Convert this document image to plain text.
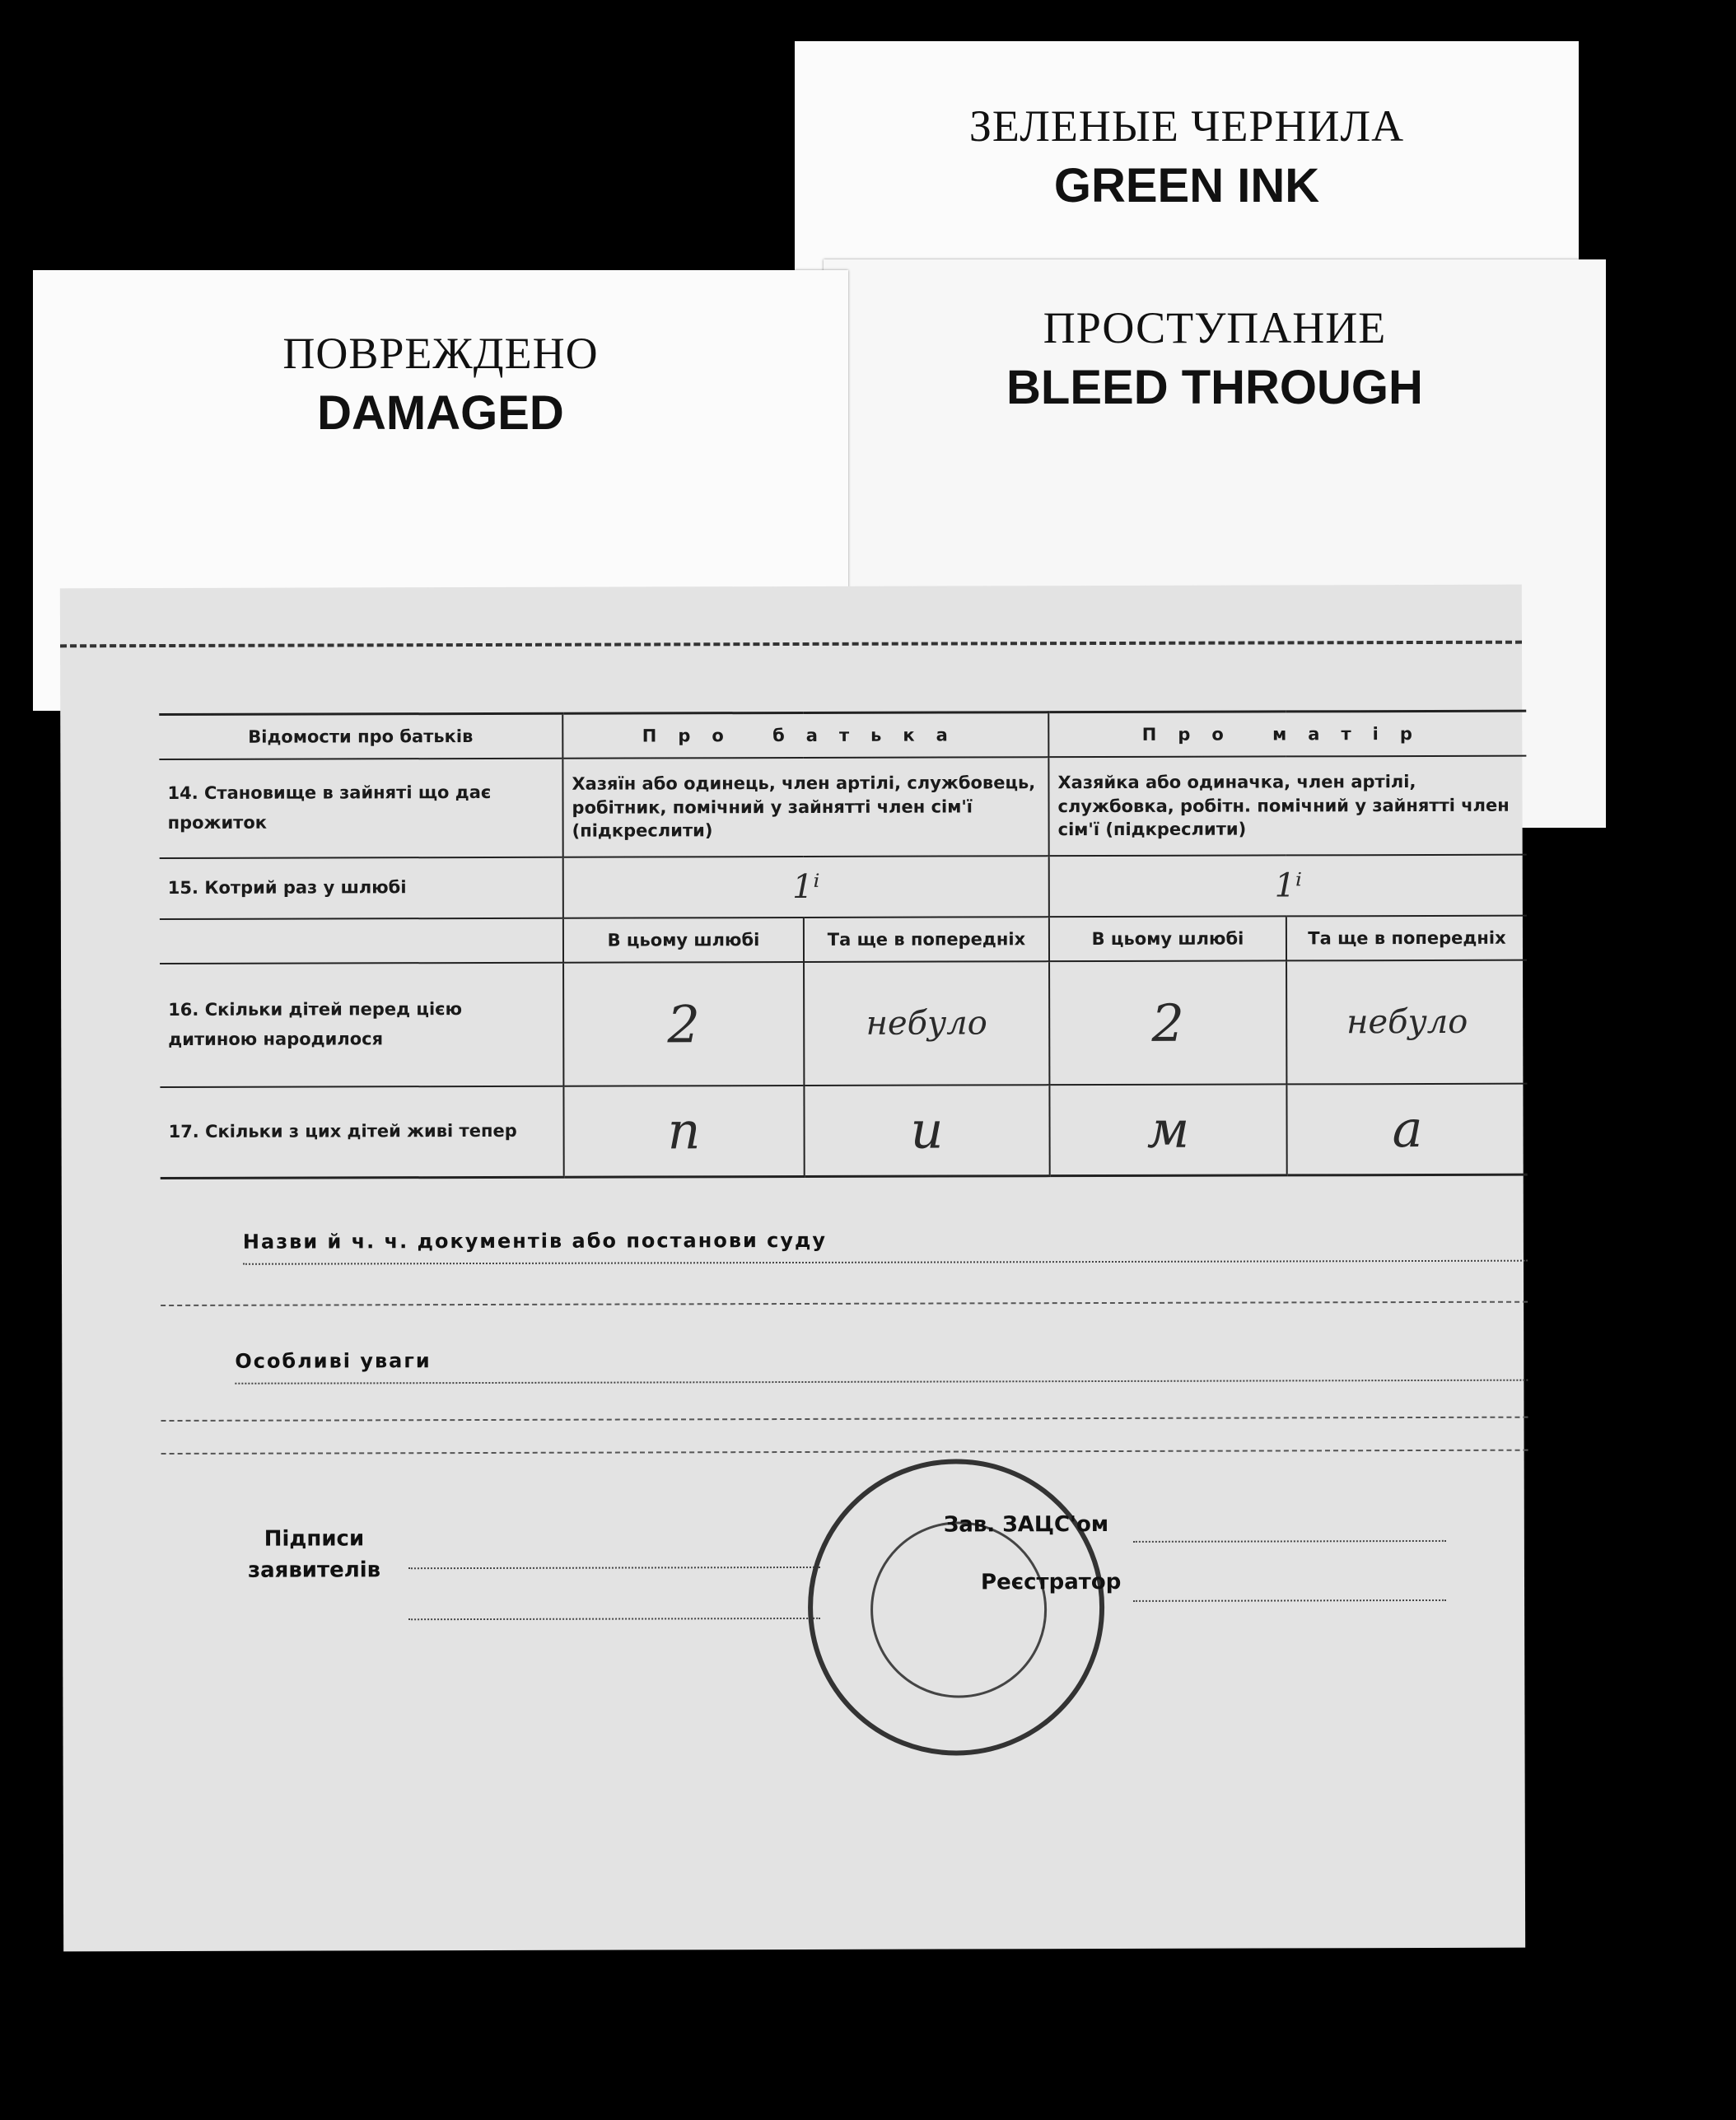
ЗЕЛЕНЫЕ ЧЕРНИЛА
GREEN INK
ПРОСТУПАНИЕ
BLEED THROUGH
ПОВРЕЖДЕНО
DAMAGED
Відомости про батьків	Про батька		Про матір	
14. Становище в зайняті що дає прожиток	Хазяїн або одинець, член артілі, службовець, робітник, помічний у зайнятті член сім'ї (підкреслити)		Хазяйка або одиначка, член артілі, службовка, робітн. помічний у зайнятті член сім'ї (підкреслити)	
15. Котрий раз у шлюбі	1ⁱ		1ⁱ	
	В цьому шлюбі	Та ще в попередніх	В цьому шлюбі	Та ще в попередніх
16. Скільки дітей перед цією дитиною народилося	2	небуло	2	небуло
17. Скільки з цих дітей живі тепер	п	и	м	а
Назви й ч. ч. документів або постанови суду
Особливі уваги
Підписи
заявителів
Зав. ЗАЦС'ом
Реєстратор
